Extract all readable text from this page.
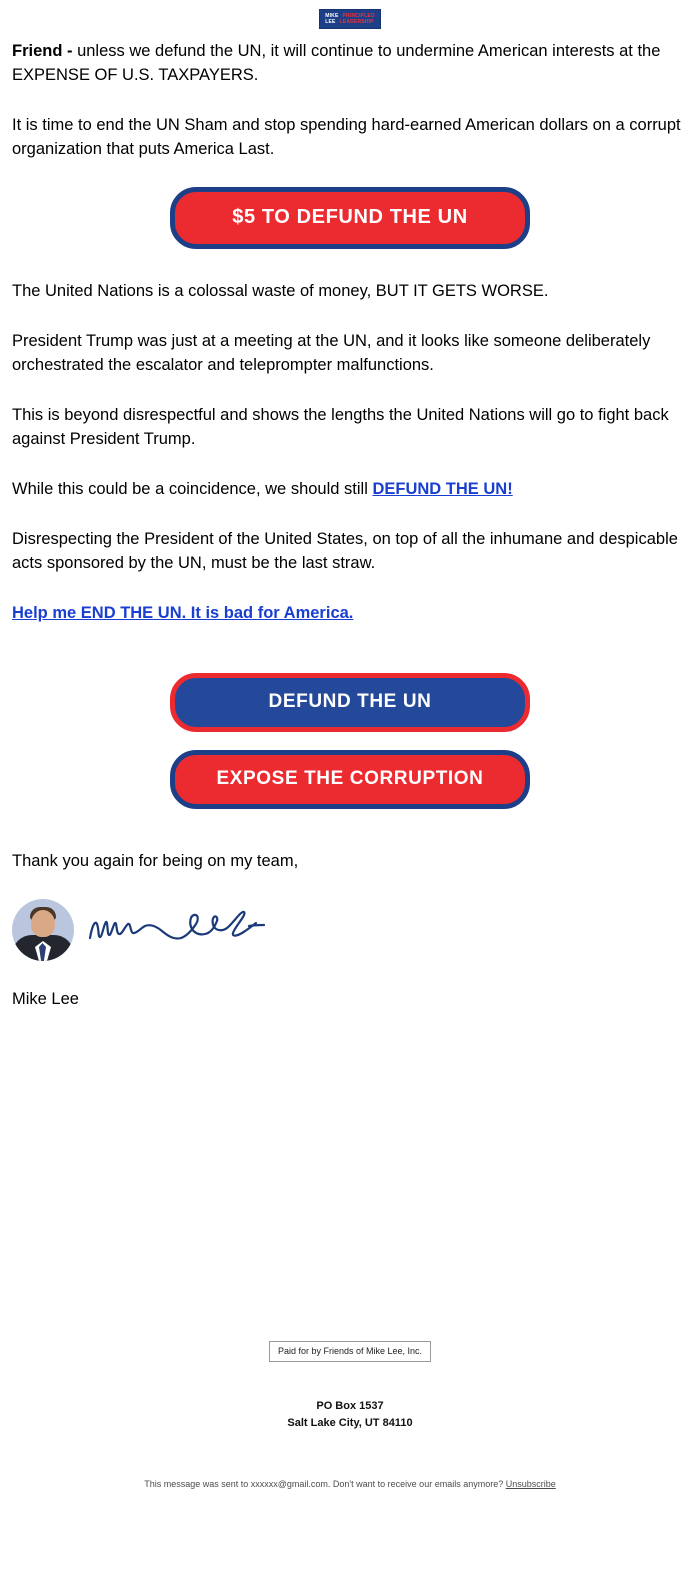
MIKE PRINCIPLED
LEE LEADERSHIP

Friend - unless we defund the UN, it will continue to undermine American interests at the EXPENSE OF U.S. TAXPAYERS.

It is time to end the UN Sham and stop spending hard-earned American dollars on a corrupt organization that puts America Last.

$5 TO DEFUND THE UN

The United Nations is a colossal waste of money, BUT IT GETS WORSE.

President Trump was just at a meeting at the UN, and it looks like someone deliberately orchestrated the escalator and teleprompter malfunctions.

This is beyond disrespectful and shows the lengths the United Nations will go to fight back against President Trump.

While this could be a coincidence, we should still DEFUND THE UN!

Disrespecting the President of the United States, on top of all the inhumane and despicable acts sponsored by the UN, must be the last straw.

Help me END THE UN. It is bad for America.

DEFUND THE UN
EXPOSE THE CORRUPTION

Thank you again for being on my team,

Mike Lee
Paid for by Friends of Mike Lee, Inc.
PO Box 1537
Salt Lake City, UT 84110
This message was sent to xxxxxx@gmail.com. Don't want to receive our emails anymore? Unsubscribe
